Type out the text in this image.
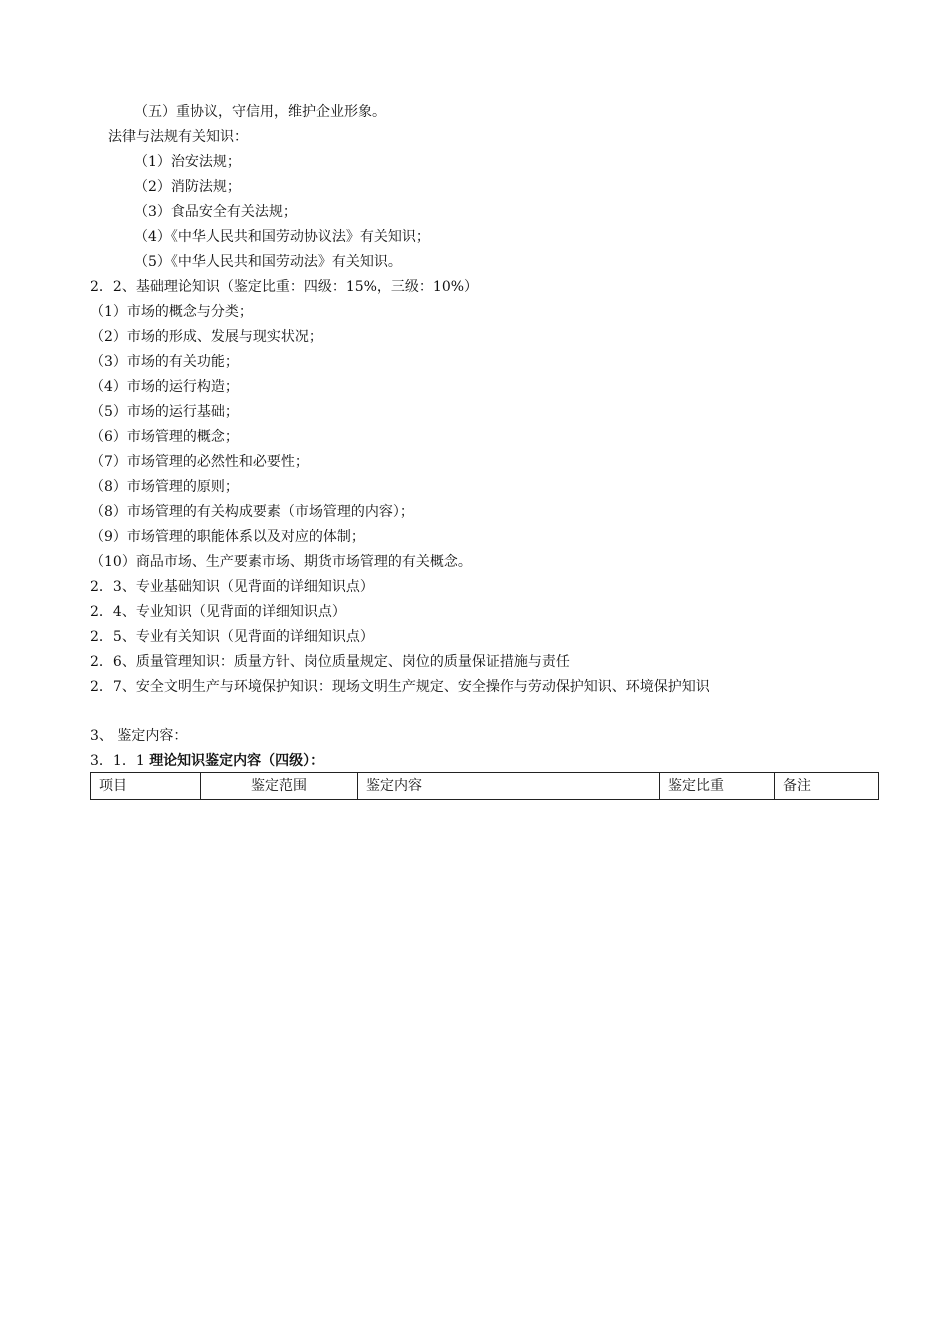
（五）重协议，守信用，维护企业形象。
法律与法规有关知识：
（1）治安法规；
（2）消防法规；
（3）食品安全有关法规；
（4）《中华人民共和国劳动协议法》有关知识；
（5）《中华人民共和国劳动法》有关知识。
2．2、基础理论知识（鉴定比重：四级：15%，三级：10%）
（1）市场的概念与分类；
（2）市场的形成、发展与现实状况；
（3）市场的有关功能；
（4）市场的运行构造；
（5）市场的运行基础；
（6）市场管理的概念；
（7）市场管理的必然性和必要性；
（8）市场管理的原则；
（8）市场管理的有关构成要素（市场管理的内容）；
（9）市场管理的职能体系以及对应的体制；
（10）商品市场、生产要素市场、期货市场管理的有关概念。
2．3、专业基础知识（见背面的详细知识点）
2．4、专业知识（见背面的详细知识点）
2．5、专业有关知识（见背面的详细知识点）
2．6、质量管理知识：质量方针、岗位质量规定、岗位的质量保证措施与责任
2．7、安全文明生产与环境保护知识：现场文明生产规定、安全操作与劳动保护知识、环境保护知识
3、 鉴定内容：
3．1．1 理论知识鉴定内容（四级）：
项目	鉴定范围	鉴定内容	鉴定比重	备注
